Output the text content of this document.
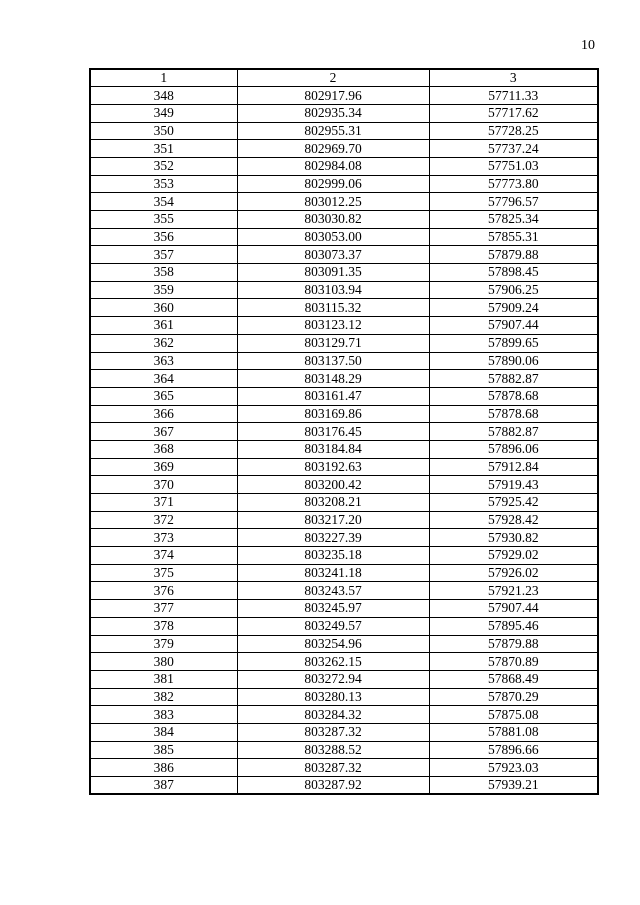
10
1	2	3
348	802917.96	57711.33
349	802935.34	57717.62
350	802955.31	57728.25
351	802969.70	57737.24
352	802984.08	57751.03
353	802999.06	57773.80
354	803012.25	57796.57
355	803030.82	57825.34
356	803053.00	57855.31
357	803073.37	57879.88
358	803091.35	57898.45
359	803103.94	57906.25
360	803115.32	57909.24
361	803123.12	57907.44
362	803129.71	57899.65
363	803137.50	57890.06
364	803148.29	57882.87
365	803161.47	57878.68
366	803169.86	57878.68
367	803176.45	57882.87
368	803184.84	57896.06
369	803192.63	57912.84
370	803200.42	57919.43
371	803208.21	57925.42
372	803217.20	57928.42
373	803227.39	57930.82
374	803235.18	57929.02
375	803241.18	57926.02
376	803243.57	57921.23
377	803245.97	57907.44
378	803249.57	57895.46
379	803254.96	57879.88
380	803262.15	57870.89
381	803272.94	57868.49
382	803280.13	57870.29
383	803284.32	57875.08
384	803287.32	57881.08
385	803288.52	57896.66
386	803287.32	57923.03
387	803287.92	57939.21
